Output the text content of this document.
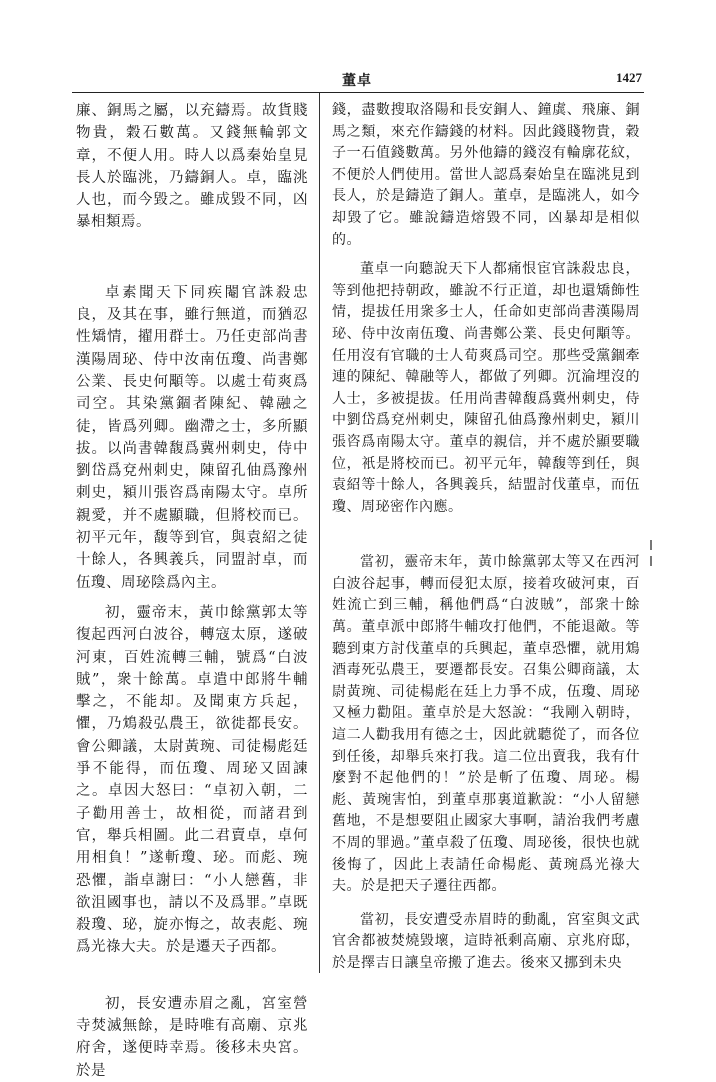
董卓	1427

廉、銅馬之屬，以充鑄焉。故貨賤物貴，穀石數萬。又錢無輪郭文章，不便人用。時人以爲秦始皇見長人於臨洮，乃鑄銅人。卓，臨洮人也，而今毀之。雖成毀不同，凶暴相類焉。

卓素聞天下同疾閹官誅殺忠良，及其在事，雖行無道，而猶忍性矯情，擢用群士。乃任吏部尚書漢陽周珌、侍中汝南伍瓊、尚書鄭公業、長史何顒等。以處士荀爽爲司空。其染黨錮者陳紀、韓融之徒，皆爲列卿。幽滯之士，多所顯拔。以尚書韓馥爲冀州刺史，侍中劉岱爲兗州刺史，陳留孔伷爲豫州刺史，潁川張咨爲南陽太守。卓所親愛，并不處顯職，但將校而已。初平元年，馥等到官，與袁紹之徒十餘人，各興義兵，同盟討卓，而伍瓊、周珌陰爲內主。

初，靈帝末，黃巾餘黨郭太等復起西河白波谷，轉寇太原，遂破河東，百姓流轉三輔，號爲“白波賊”，衆十餘萬。卓遣中郎將牛輔擊之，不能却。及聞東方兵起，懼，乃鴆殺弘農王，欲徙都長安。會公卿議，太尉黃琬、司徒楊彪廷爭不能得，而伍瓊、周珌又固諫之。卓因大怒曰：“卓初入朝，二子勸用善士，故相從，而諸君到官，舉兵相圖。此二君賣卓，卓何用相負！”遂斬瓊、珌。而彪、琬恐懼，詣卓謝曰：“小人戀舊，非欲沮國事也，請以不及爲罪。”卓既殺瓊、珌，旋亦悔之，故表彪、琬爲光祿大夫。於是遷天子西都。

初，長安遭赤眉之亂，宮室營寺焚滅無餘，是時唯有高廟、京兆府舍，遂便時幸焉。後移未央宮。於是

錢，盡數搜取洛陽和長安銅人、鐘虡、飛廉、銅馬之類，來充作鑄錢的材料。因此錢賤物貴，穀子一石值錢數萬。另外他鑄的錢沒有輪廓花紋，不便於人們使用。當世人認爲秦始皇在臨洮見到長人，於是鑄造了銅人。董卓，是臨洮人，如今却毀了它。雖說鑄造熔毀不同，凶暴却是相似的。

董卓一向聽說天下人都痛恨宦官誅殺忠良，等到他把持朝政，雖說不行正道，却也還矯飾性情，提拔任用衆多士人，任命如吏部尚書漢陽周珌、侍中汝南伍瓊、尚書鄭公業、長史何顒等。任用沒有官職的士人荀爽爲司空。那些受黨錮牽連的陳紀、韓融等人，都做了列卿。沉淪埋沒的人士，多被提拔。任用尚書韓馥爲冀州刺史，侍中劉岱爲兗州刺史，陳留孔伷爲豫州刺史，潁川張咨爲南陽太守。董卓的親信，并不處於顯要職位，衹是將校而已。初平元年，韓馥等到任，與袁紹等十餘人，各興義兵，結盟討伐董卓，而伍瓊、周珌密作內應。

當初，靈帝末年，黃巾餘黨郭太等又在西河白波谷起事，轉而侵犯太原，接着攻破河東，百姓流亡到三輔，稱他們爲“白波賊”，部衆十餘萬。董卓派中郎將牛輔攻打他們，不能退敵。等聽到東方討伐董卓的兵興起，董卓恐懼，就用鴆酒毒死弘農王，要遷都長安。召集公卿商議，太尉黃琬、司徒楊彪在廷上力爭不成，伍瓊、周珌又極力勸阻。董卓於是大怒說：“我剛入朝時，這二人勸我用有德之士，因此就聽從了，而各位到任後，却舉兵來打我。這二位出賣我，我有什麼對不起他們的！”於是斬了伍瓊、周珌。楊彪、黃琬害怕，到董卓那裏道歉說：“小人留戀舊地，不是想要阻止國家大事啊，請治我們考慮不周的罪過。”董卓殺了伍瓊、周珌後，很快也就後悔了，因此上表請任命楊彪、黃琬爲光祿大夫。於是把天子遷往西都。

當初，長安遭受赤眉時的動亂，宮室與文武官舍都被焚燒毀壞，這時衹剩高廟、京兆府邸，於是擇吉日讓皇帝搬了進去。後來又挪到未央
